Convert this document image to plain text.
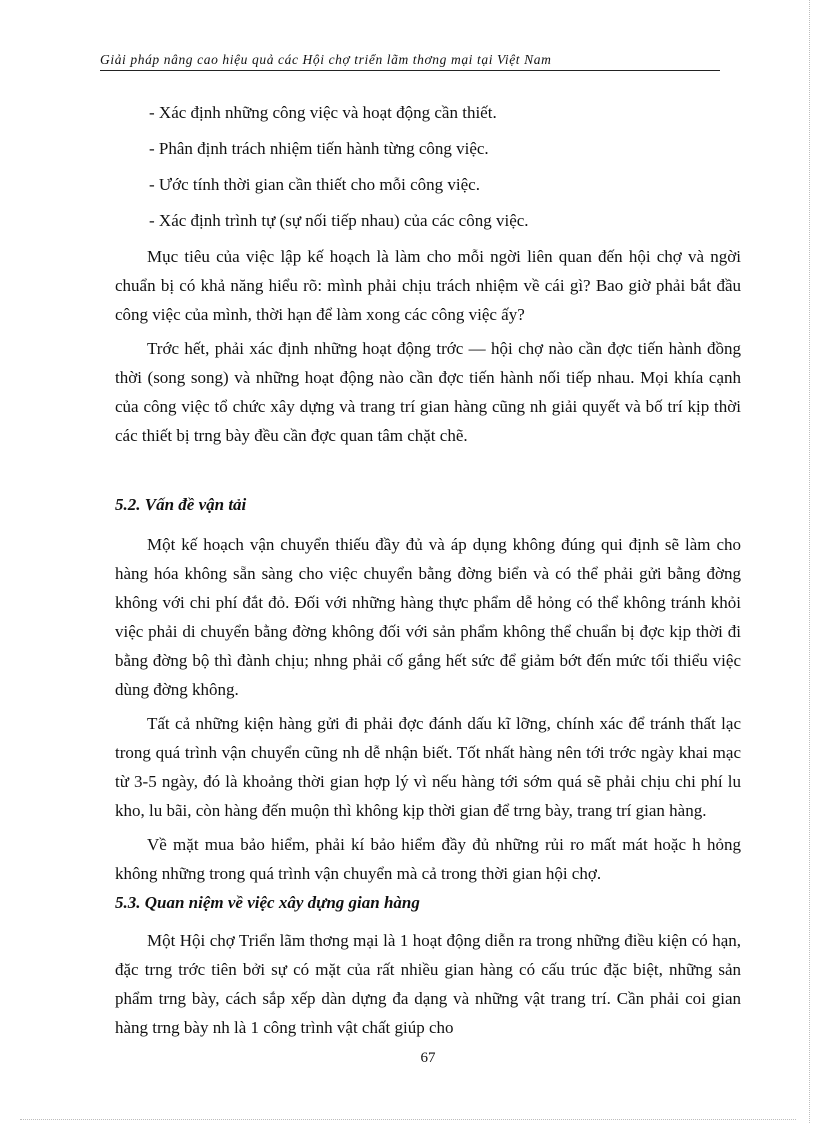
Giải pháp nâng cao hiệu quả các Hội chợ triển lãm thơng mại tại Việt Nam
- Xác định những công việc và hoạt động cần thiết.
- Phân định trách nhiệm tiến hành từng công việc.
- Ước tính thời gian cần thiết cho mỗi công việc.
- Xác định trình tự (sự nối tiếp nhau) của các công việc.

Mục tiêu của việc lập kế hoạch là làm cho mỗi ngời liên quan đến hội chợ và ngời chuẩn bị có khả năng hiểu rõ: mình phải chịu trách nhiệm về cái gì? Bao giờ phải bắt đầu công việc của mình, thời hạn để làm xong các công việc ấy?

Trớc hết, phải xác định những hoạt động trớc — hội chợ nào cần đợc tiến hành đồng thời (song song) và những hoạt động nào cần đợc tiến hành nối tiếp nhau. Mọi khía cạnh của công việc tổ chức xây dựng và trang trí gian hàng cũng nh giải quyết và bố trí kịp thời các thiết bị trng bày đều cần đợc quan tâm chặt chẽ.

5.2. Vấn đề vận tải

Một kế hoạch vận chuyển thiếu đầy đủ và áp dụng không đúng qui định sẽ làm cho hàng hóa không sẵn sàng cho việc chuyển bằng đờng biển và có thể phải gửi bằng đờng không với chi phí đắt đỏ. Đối với những hàng thực phẩm dễ hỏng có thể không tránh khỏi việc phải di chuyển bằng đờng không đối với sản phẩm không thể chuẩn bị đợc kịp thời đi bằng đờng bộ thì đành chịu; nhng phải cố gắng hết sức để giảm bớt đến mức tối thiểu việc dùng đờng không.

Tất cả những kiện hàng gửi đi phải đợc đánh dấu kĩ lỡng, chính xác để tránh thất lạc trong quá trình vận chuyển cũng nh dễ nhận biết. Tốt nhất hàng nên tới trớc ngày khai mạc từ 3-5 ngày, đó là khoảng thời gian hợp lý vì nếu hàng tới sớm quá sẽ phải chịu chi phí lu kho, lu bãi, còn hàng đến muộn thì không kịp thời gian để trng bày, trang trí gian hàng.

Về mặt mua bảo hiểm, phải kí bảo hiểm đầy đủ những rủi ro mất mát hoặc h hỏng không những trong quá trình vận chuyển mà cả trong thời gian hội chợ.

5.3. Quan niệm về việc xây dựng gian hàng

Một Hội chợ Triển lãm thơng mại là 1 hoạt động diễn ra trong những điều kiện có hạn, đặc trng trớc tiên bởi sự có mặt của rất nhiều gian hàng có cấu trúc đặc biệt, những sản phẩm trng bày, cách sắp xếp dàn dựng đa dạng và những vật trang trí. Cần phải coi gian hàng trng bày nh là 1 công trình vật chất giúp cho

67
